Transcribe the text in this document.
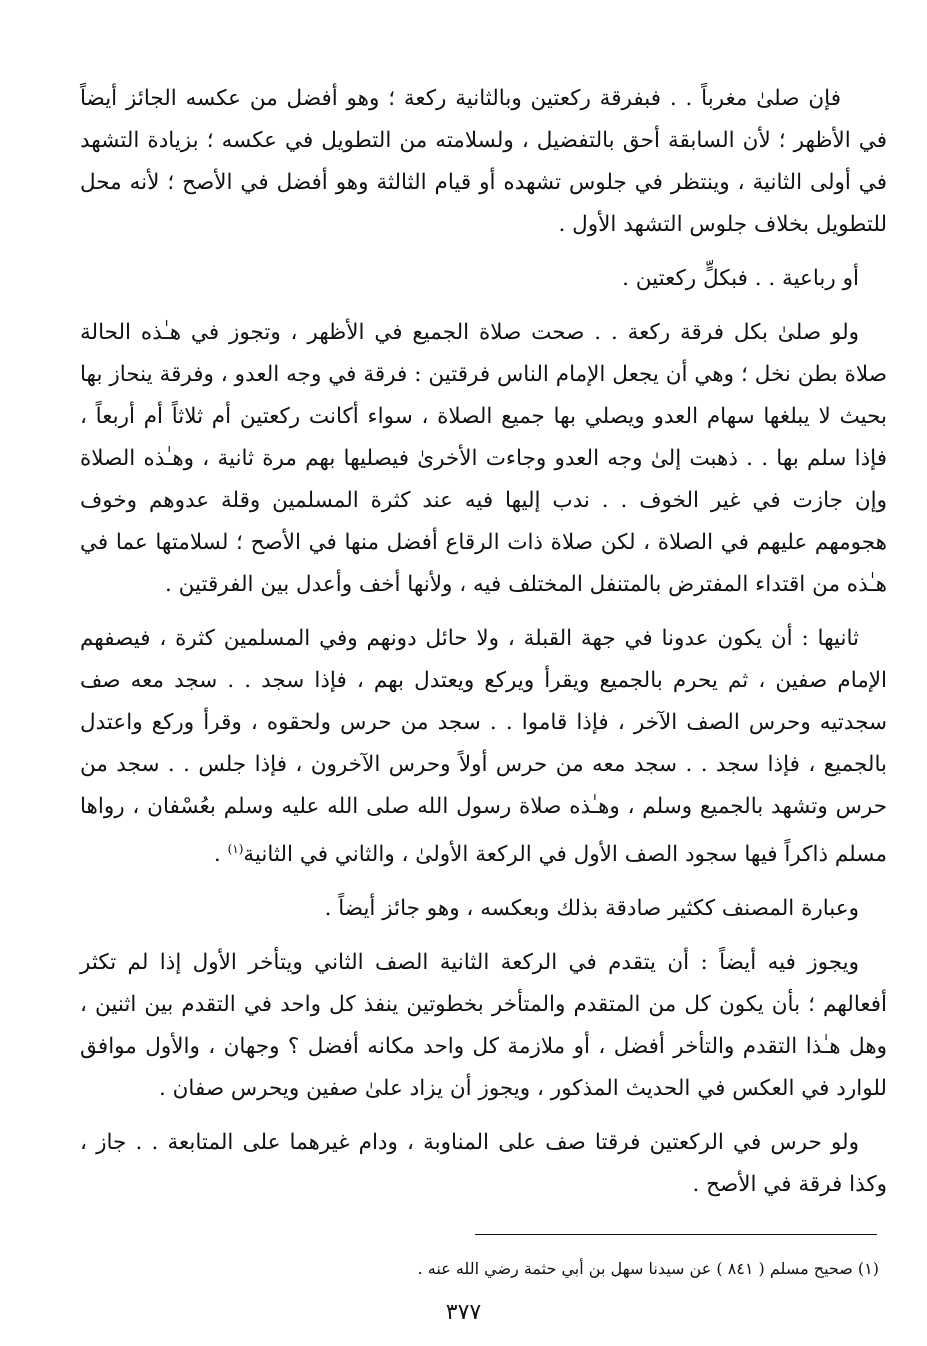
فإن صلىٰ مغرباً . . فبفرقة ركعتين وبالثانية ركعة ؛ وهو أفضل من عكسه الجائز أيضاً في الأظهر ؛ لأن السابقة أحق بالتفضيل ، ولسلامته من التطويل في عكسه ؛ بزيادة التشهد في أولى الثانية ، وينتظر في جلوس تشهده أو قيام الثالثة وهو أفضل في الأصح ؛ لأنه محل للتطويل بخلاف جلوس التشهد الأول .

أو رباعية . . فبكلٍّ ركعتين .

ولو صلىٰ بكل فرقة ركعة . . صحت صلاة الجميع في الأظهر ، وتجوز في هـٰذه الحالة صلاة بطن نخل ؛ وهي أن يجعل الإمام الناس فرقتين : فرقة في وجه العدو ، وفرقة ينحاز بها بحيث لا يبلغها سهام العدو ويصلي بها جميع الصلاة ، سواء أكانت ركعتين أم ثلاثاً أم أربعاً ، فإذا سلم بها . . ذهبت إلىٰ وجه العدو وجاءت الأخرىٰ فيصليها بهم مرة ثانية ، وهـٰذه الصلاة وإن جازت في غير الخوف . . ندب إليها فيه عند كثرة المسلمين وقلة عدوهم وخوف هجومهم عليهم في الصلاة ، لكن صلاة ذات الرقاع أفضل منها في الأصح ؛ لسلامتها عما في هـٰذه من اقتداء المفترض بالمتنفل المختلف فيه ، ولأنها أخف وأعدل بين الفرقتين .

ثانيها : أن يكون عدونا في جهة القبلة ، ولا حائل دونهم وفي المسلمين كثرة ، فيصفهم الإمام صفين ، ثم يحرم بالجميع ويقرأ ويركع ويعتدل بهم ، فإذا سجد . . سجد معه صف سجدتيه وحرس الصف الآخر ، فإذا قاموا . . سجد من حرس ولحقوه ، وقرأ وركع واعتدل بالجميع ، فإذا سجد . . سجد معه من حرس أولاً وحرس الآخرون ، فإذا جلس . . سجد من حرس وتشهد بالجميع وسلم ، وهـٰذه صلاة رسول الله صلى الله عليه وسلم بعُسْفان ، رواها مسلم ذاكراً فيها سجود الصف الأول في الركعة الأولىٰ ، والثاني في الثانية$^{(١)}$ .

وعبارة المصنف ككثير صادقة بذلك وبعكسه ، وهو جائز أيضاً .

ويجوز فيه أيضاً : أن يتقدم في الركعة الثانية الصف الثاني ويتأخر الأول إذا لم تكثر أفعالهم ؛ بأن يكون كل من المتقدم والمتأخر بخطوتين ينفذ كل واحد في التقدم بين اثنين ، وهل هـٰذا التقدم والتأخر أفضل ، أو ملازمة كل واحد مكانه أفضل ؟ وجهان ، والأول موافق للوارد في العكس في الحديث المذكور ، ويجوز أن يزاد علىٰ صفين ويحرس صفان .

ولو حرس في الركعتين فرقتا صف على المناوبة ، ودام غيرهما على المتابعة . . جاز ، وكذا فرقة في الأصح .

(١) صحيح مسلم ( ٨٤١ ) عن سيدنا سهل بن أبي حثمة رضي الله عنه .
٣٧٧
